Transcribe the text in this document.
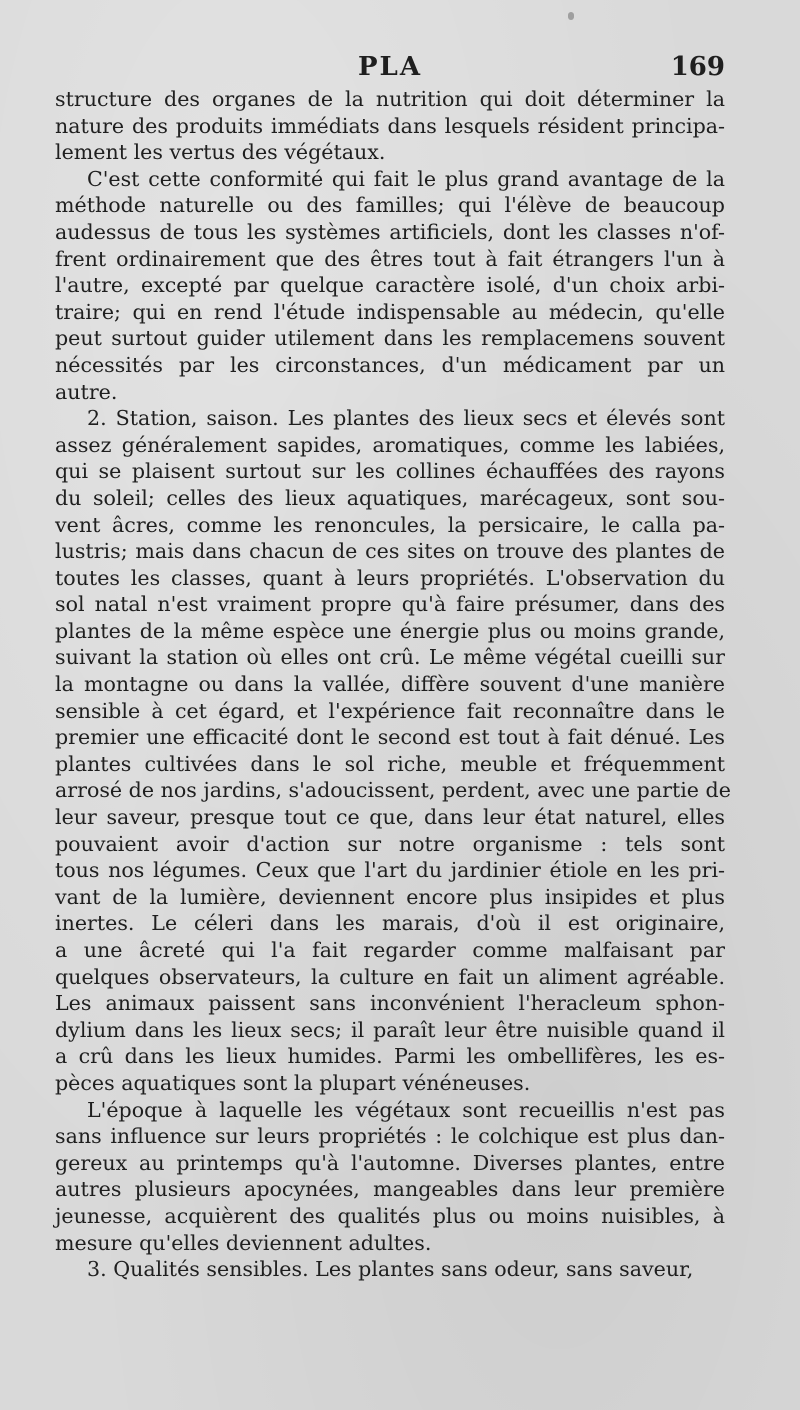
PLA	169
structure des organes de la nutrition qui doit déterminer la
nature des produits immédiats dans lesquels résident principa-
lement les vertus des végétaux.
C'est cette conformité qui fait le plus grand avantage de la
méthode naturelle ou des familles; qui l'élève de beaucoup
audessus de tous les systèmes artificiels, dont les classes n'of-
frent ordinairement que des êtres tout à fait étrangers l'un à
l'autre, excepté par quelque caractère isolé, d'un choix arbi-
traire; qui en rend l'étude indispensable au médecin, qu'elle
peut surtout guider utilement dans les remplacemens souvent
nécessités par les circonstances, d'un médicament par un
autre.
2. Station, saison. Les plantes des lieux secs et élevés sont
assez généralement sapides, aromatiques, comme les labiées,
qui se plaisent surtout sur les collines échauffées des rayons
du soleil; celles des lieux aquatiques, marécageux, sont sou-
vent âcres, comme les renoncules, la persicaire, le calla pa-
lustris; mais dans chacun de ces sites on trouve des plantes de
toutes les classes, quant à leurs propriétés. L'observation du
sol natal n'est vraiment propre qu'à faire présumer, dans des
plantes de la même espèce une énergie plus ou moins grande,
suivant la station où elles ont crû. Le même végétal cueilli sur
la montagne ou dans la vallée, diffère souvent d'une manière
sensible à cet égard, et l'expérience fait reconnaître dans le
premier une efficacité dont le second est tout à fait dénué. Les
plantes cultivées dans le sol riche, meuble et fréquemment
arrosé de nos jardins, s'adoucissent, perdent, avec une partie de
leur saveur, presque tout ce que, dans leur état naturel, elles
pouvaient avoir d'action sur notre organisme : tels sont
tous nos légumes. Ceux que l'art du jardinier étiole en les pri-
vant de la lumière, deviennent encore plus insipides et plus
inertes. Le céleri dans les marais, d'où il est originaire,
a une âcreté qui l'a fait regarder comme malfaisant par
quelques observateurs, la culture en fait un aliment agréable.
Les animaux paissent sans inconvénient l'heracleum sphon-
dylium dans les lieux secs; il paraît leur être nuisible quand il
a crû dans les lieux humides. Parmi les ombellifères, les es-
pèces aquatiques sont la plupart vénéneuses.
L'époque à laquelle les végétaux sont recueillis n'est pas
sans influence sur leurs propriétés : le colchique est plus dan-
gereux au printemps qu'à l'automne. Diverses plantes, entre
autres plusieurs apocynées, mangeables dans leur première
jeunesse, acquièrent des qualités plus ou moins nuisibles, à
mesure qu'elles deviennent adultes.
3. Qualités sensibles. Les plantes sans odeur, sans saveur,
